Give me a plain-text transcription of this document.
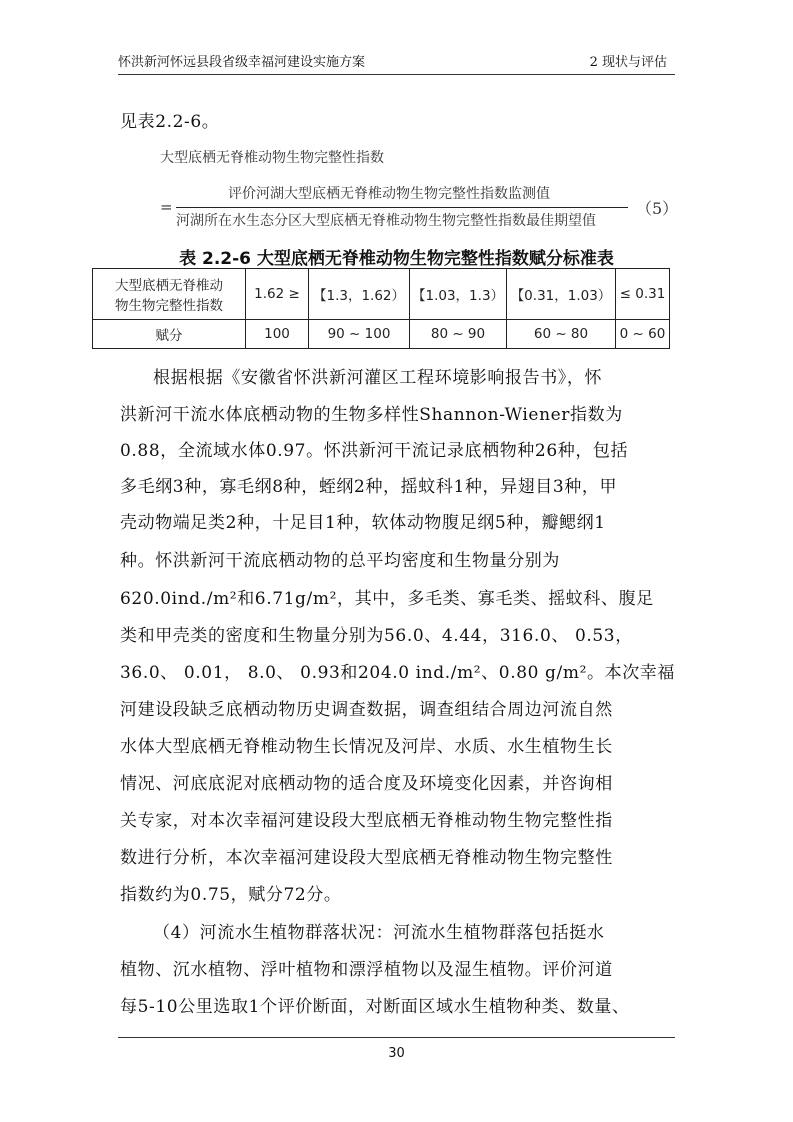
怀洪新河怀远县段省级幸福河建设实施方案	2 现状与评估
见表2.2-6。
大型底栖无脊椎动物生物完整性指数
=
评价河湖大型底栖无脊椎动物生物完整性指数监测值
河湖所在水生态分区大型底栖无脊椎动物生物完整性指数最佳期望值
（5）
表 2.2-6 大型底栖无脊椎动物生物完整性指数赋分标准表
大型底栖无脊椎动
物生物完整性指数	1.62 ≥	【1.3，1.62）	【1.03，1.3）	【0.31，1.03）	≤ 0.31
赋分	100	90 ~ 100	80 ~ 90	60 ~ 80	0 ~ 60
根据根据《安徽省怀洪新河灌区工程环境影响报告书》，怀
洪新河干流水体底栖动物的生物多样性Shannon-Wiener指数为
0.88，全流域水体0.97。怀洪新河干流记录底栖物种26种，包括
多毛纲3种，寡毛纲8种，蛭纲2种，摇蚊科1种，异翅目3种，甲
壳动物端足类2种，十足目1种，软体动物腹足纲5种，瓣鳃纲1
种。怀洪新河干流底栖动物的总平均密度和生物量分别为
620.0ind./m²和6.71g/m²，其中，多毛类、寡毛类、摇蚊科、腹足
类和甲壳类的密度和生物量分别为56.0、4.44，316.0、 0.53，
36.0、 0.01， 8.0、 0.93和204.0 ind./m²、0.80 g/m²。本次幸福
河建设段缺乏底栖动物历史调查数据，调查组结合周边河流自然
水体大型底栖无脊椎动物生长情况及河岸、水质、水生植物生长
情况、河底底泥对底栖动物的适合度及环境变化因素，并咨询相
关专家，对本次幸福河建设段大型底栖无脊椎动物生物完整性指
数进行分析，本次幸福河建设段大型底栖无脊椎动物生物完整性
指数约为0.75，赋分72分。
（4）河流水生植物群落状况：河流水生植物群落包括挺水
植物、沉水植物、浮叶植物和漂浮植物以及湿生植物。评价河道
每5-10公里选取1个评价断面，对断面区域水生植物种类、数量、
30
